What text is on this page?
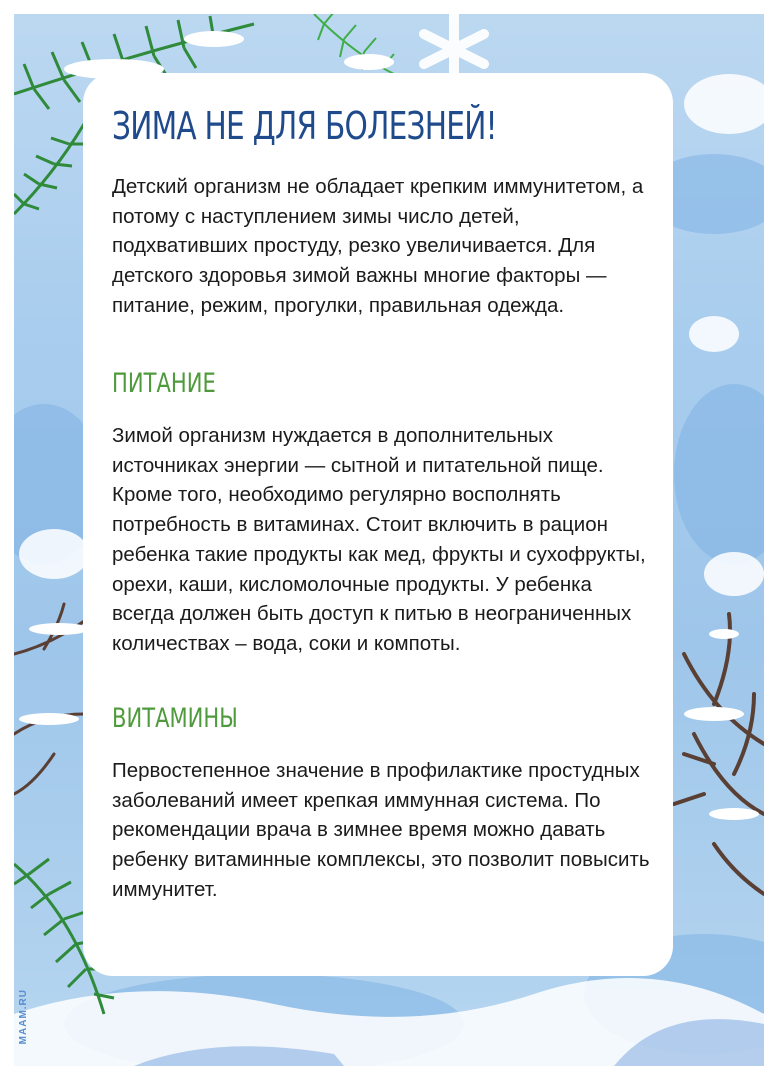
MAAM.RU
ЗИМА НЕ ДЛЯ БОЛЕЗНЕЙ!

Детский организм не обладает крепким иммунитетом, а потому с наступлением зимы число детей, подхвативших простуду, резко увеличивается. Для детского здоровья зимой важны многие факторы — питание, режим, прогулки, правильная одежда.

ПИТАНИЕ

Зимой организм нуждается в дополнительных источниках энергии — сытной и питательной пище. Кроме того, необходимо регулярно восполнять потребность в витаминах. Стоит включить в рацион ребенка такие продукты как мед, фрукты и сухофрукты, орехи, каши, кисломолочные продукты. У ребенка всегда должен быть доступ к питью в неограниченных количествах – вода, соки и компоты.

ВИТАМИНЫ

Первостепенное значение в профилактике простудных заболеваний имеет крепкая иммунная система. По рекомендации врача в зимнее время можно давать ребенку витаминные комплексы, это позволит повысить иммунитет.
